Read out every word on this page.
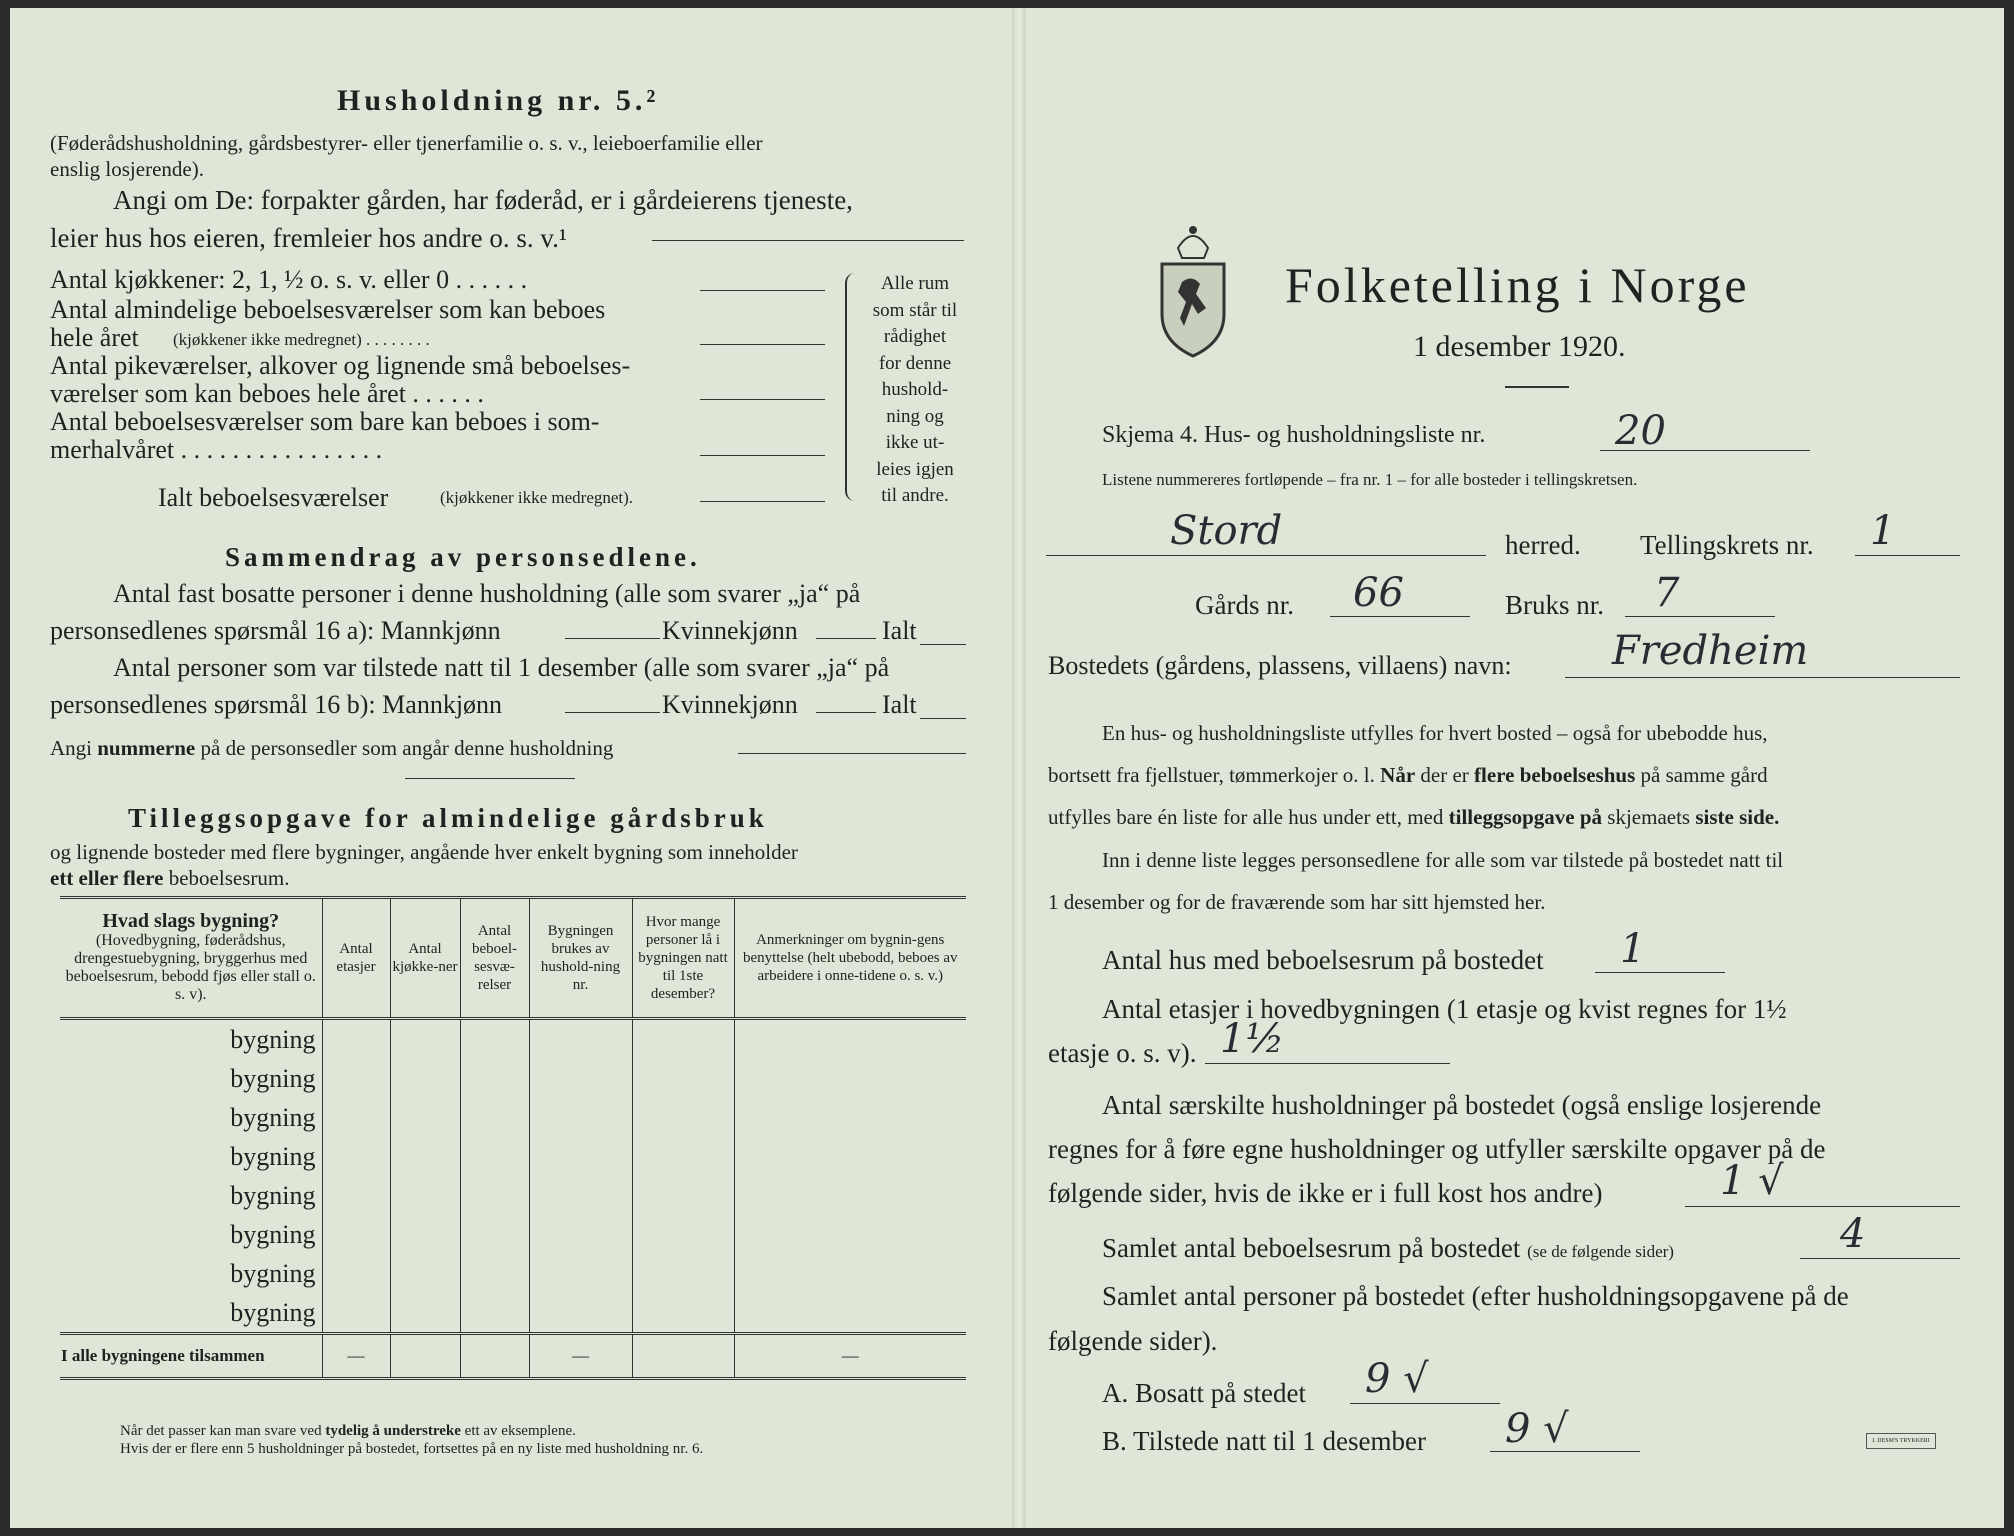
Husholdning nr. 5.²
(Føderådshusholdning, gårdsbestyrer- eller tjenerfamilie o. s. v., leieboerfamilie eller
enslig losjerende).
Angi om De: forpakter gården, har føderåd, er i gårdeierens tjeneste,
leier hus hos eieren, fremleier hos andre o. s. v.¹
Antal kjøkkener: 2, 1, ½ o. s. v. eller 0 . . . . . .
Antal almindelige beboelsesværelser som kan beboes
hele året (kjøkkener ikke medregnet) . . . . . . . .
Antal pikeværelser, alkover og lignende små beboelses-
værelser som kan beboes hele året . . . . . .
Antal beboelsesværelser som bare kan beboes i som-
merhalvåret . . . . . . . . . . . . . . . .
Ialt beboelsesværelser	(kjøkkener ikke medregnet).
Alle rum
som står til
rådighet
for denne
hushold-
ning og
ikke ut-
leies igjen
til andre.
Sammendrag av personsedlene.
Antal fast bosatte personer i denne husholdning (alle som svarer „ja“ på
personsedlenes spørsmål 16 a): Mannkjønn	Kvinnekjønn	Ialt
Antal personer som var tilstede natt til 1 desember (alle som svarer „ja“ på
personsedlenes spørsmål 16 b): Mannkjønn	Kvinnekjønn	Ialt
Angi nummerne på de personsedler som angår denne husholdning
Tilleggsopgave for almindelige gårdsbruk
og lignende bosteder med flere bygninger, angående hver enkelt bygning som inneholder
ett eller flere beboelsesrum.
Hvad slags bygning?
(Hovedbygning, føderådshus, drengestuebygning, bryggerhus med beboelsesrum, bebodd fjøs eller stall o. s. v).	Antal etasjer	Antal kjøkke-ner	Antal beboel-sesvæ-relser	Bygningen brukes av hushold-ning nr.	Hvor mange personer lå i bygningen natt til 1ste desember?	Anmerkninger om bygnin-gens benyttelse (helt ubebodd, beboes av arbeidere i onne-tidene o. s. v.)
bygning						
bygning						
bygning						
bygning						
bygning						
bygning						
bygning						
bygning						
I alle bygningene tilsammen	—			—		—
Når det passer kan man svare ved tydelig å understreke ett av eksemplene.
Hvis der er flere enn 5 husholdninger på bostedet, fortsettes på en ny liste med husholdning nr. 6.
Folketelling i Norge
1 desember 1920.
Skjema 4. Hus- og husholdningsliste nr.	20
Listene nummereres fortløpende – fra nr. 1 – for alle bosteder i tellingskretsen.
Stord	herred. Tellingskrets nr. 1
Gårds nr. 66	Bruks nr. 7
Bostedets (gårdens, plassens, villaens) navn:	Fredheim
En hus- og husholdningsliste utfylles for hvert bosted – også for ubebodde hus,
bortsett fra fjellstuer, tømmerkojer o. l. Når der er flere beboelseshus på samme gård
utfylles bare én liste for alle hus under ett, med tilleggsopgave på skjemaets siste side.
Inn i denne liste legges personsedlene for alle som var tilstede på bostedet natt til
1 desember og for de fraværende som har sitt hjemsted her.
Antal hus med beboelsesrum på bostedet 1
Antal etasjer i hovedbygningen (1 etasje og kvist regnes for 1½
etasje o. s. v). 1½
Antal særskilte husholdninger på bostedet (også enslige losjerende
regnes for å føre egne husholdninger og utfyller særskilte opgaver på de
følgende sider, hvis de ikke er i full kost hos andre)	1 √
Samlet antal beboelsesrum på bostedet (se de følgende sider)	4
Samlet antal personer på bostedet (efter husholdningsopgavene på de
følgende sider).
A. Bosatt på stedet 9 √
B. Tilstede natt til 1 desember 9 √	I. DESM'S TRYKKERI
